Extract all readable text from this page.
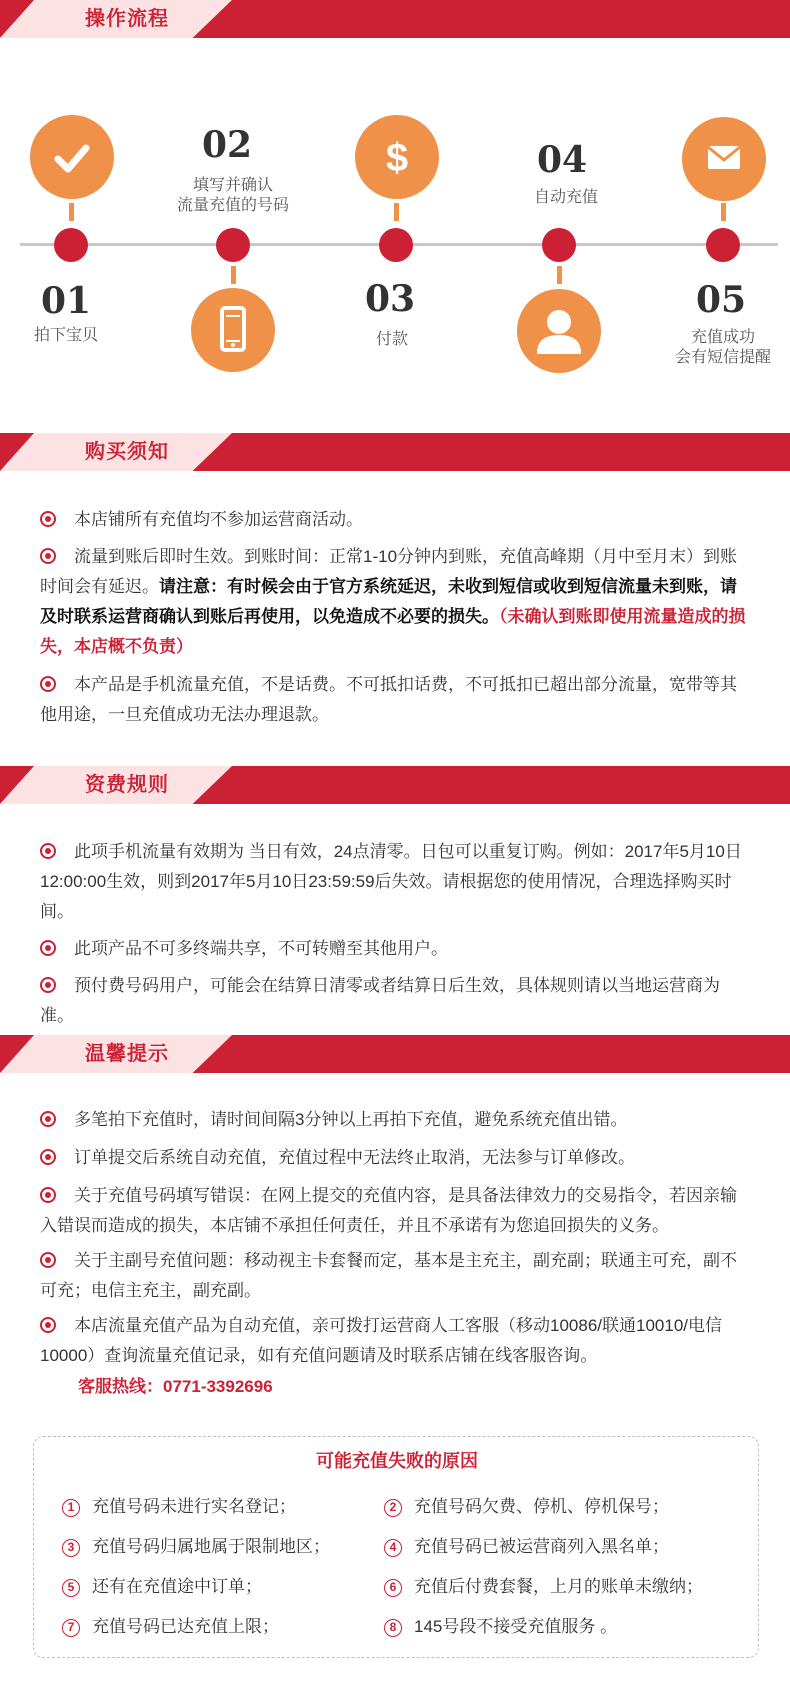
操作流程
01
拍下宝贝
02
填写并确认
流量充值的号码
$
03
付款
04
自动充值
05
充值成功
会有短信提醒
购买须知
本店铺所有充值均不参加运营商活动。
流量到账后即时生效。到账时间：正常1-10分钟内到账，充值高峰期（月中至月末）到账时间会有延迟。请注意：有时候会由于官方系统延迟，未收到短信或收到短信流量未到账，请及时联系运营商确认到账后再使用，以免造成不必要的损失。（未确认到账即使用流量造成的损失，本店概不负责）
本产品是手机流量充值，不是话费。不可抵扣话费，不可抵扣已超出部分流量，宽带等其他用途，一旦充值成功无法办理退款。
资费规则
此项手机流量有效期为 当日有效，24点清零。日包可以重复订购。例如：2017年5月10日12:00:00生效，则到2017年5月10日23:59:59后失效。请根据您的使用情况，合理选择购买时间。
此项产品不可多终端共享，不可转赠至其他用户。
预付费号码用户，可能会在结算日清零或者结算日后生效，具体规则请以当地运营商为准。
温馨提示
多笔拍下充值时，请时间间隔3分钟以上再拍下充值，避免系统充值出错。
订单提交后系统自动充值，充值过程中无法终止取消，无法参与订单修改。
关于充值号码填写错误：在网上提交的充值内容，是具备法律效力的交易指令，若因亲输入错误而造成的损失，本店铺不承担任何责任，并且不承诺有为您追回损失的义务。
关于主副号充值问题：移动视主卡套餐而定，基本是主充主，副充副；联通主可充，副不可充；电信主充主，副充副。
本店流量充值产品为自动充值，亲可拨打运营商人工客服（移动10086/联通10010/电信10000）查询流量充值记录，如有充值问题请及时联系店铺在线客服咨询。
客服热线：0771-3392696
可能充值失败的原因
1 充值号码未进行实名登记；	2 充值号码欠费、停机、停机保号；
3 充值号码归属地属于限制地区；	4 充值号码已被运营商列入黑名单；
5 还有在充值途中订单；	6 充值后付费套餐，上月的账单未缴纳；
7 充值号码已达充值上限；	8 145号段不接受充值服务 。
